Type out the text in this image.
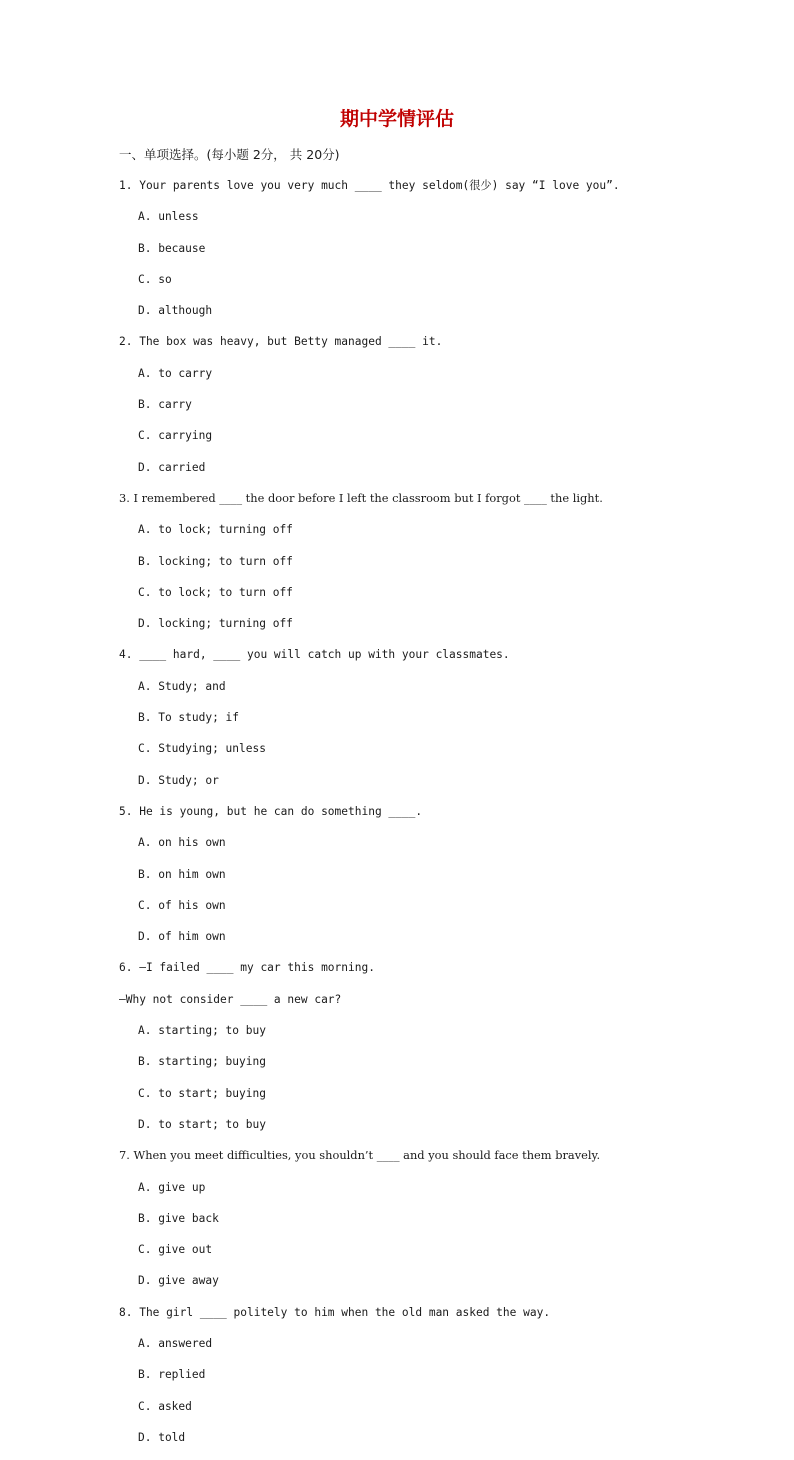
期中学情评估
一、单项选择。(每小题 2分， 共 20分)
1. Your parents love you very much ____ they seldom(很少) say “I love you”.
A. unless
B. because
C. so
D. although
2. The box was heavy, but Betty managed ____ it.
A. to carry
B. carry
C. carrying
D. carried
3. I remembered ____ the door before I left the classroom but I forgot ____ the light.
A. to lock; turning off
B. locking; to turn off
C. to lock; to turn off
D. locking; turning off
4. ____ hard, ____ you will catch up with your classmates.
A. Study; and
B. To study; if
C. Studying; unless
D. Study; or
5. He is young, but he can do something ____.
A. on his own
B. on him own
C. of his own
D. of him own
6. —I failed ____ my car this morning.
—Why not consider ____ a new car?
A. starting; to buy
B. starting; buying
C. to start; buying
D. to start; to buy
7. When you meet difficulties, you shouldn’t ____ and you should face them bravely.
A. give up
B. give back
C. give out
D. give away
8. The girl ____ politely to him when the old man asked the way.
A. answered
B. replied
C. asked
D. told
